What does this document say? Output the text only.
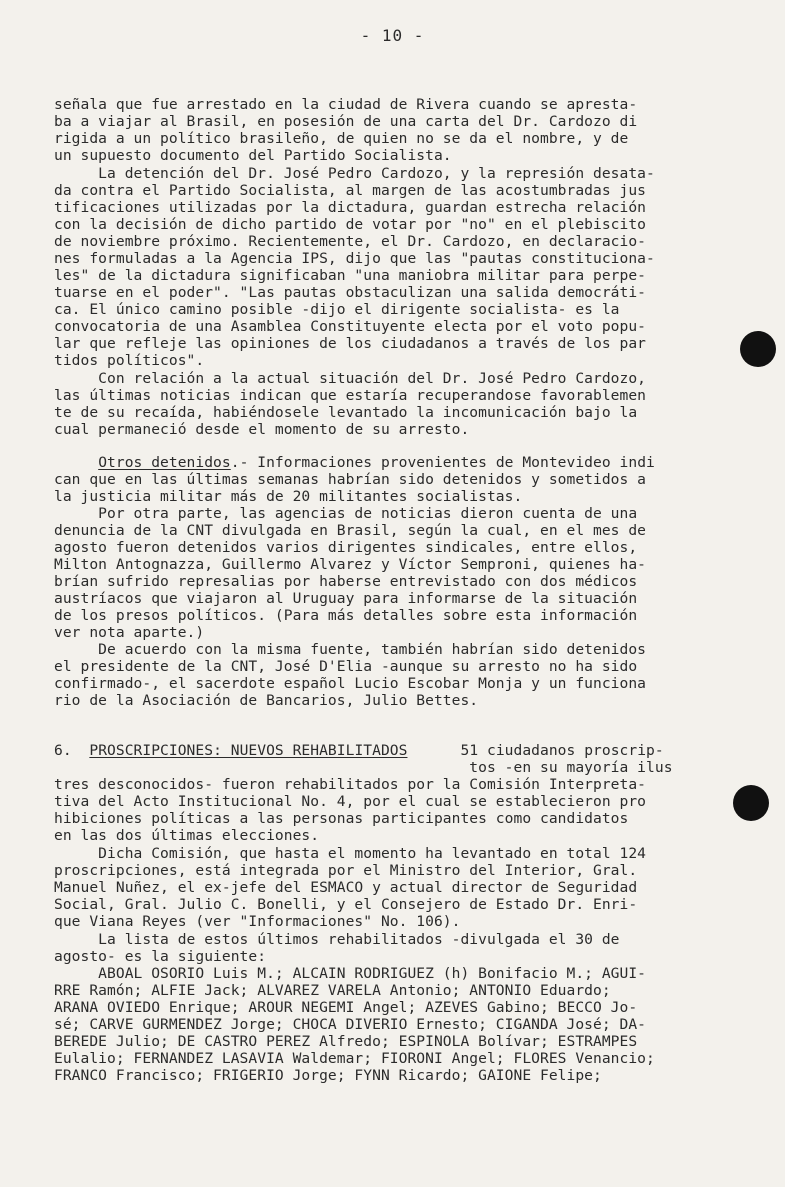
- 10 -
señala que fue arrestado en la ciudad de Rivera cuando se apresta-
ba a viajar al Brasil, en posesión de una carta del Dr. Cardozo di
rigida a un político brasileño, de quien no se da el nombre, y de
un supuesto documento del Partido Socialista.
La detención del Dr. José Pedro Cardozo, y la represión desata-
da contra el Partido Socialista, al margen de las acostumbradas jus
tificaciones utilizadas por la dictadura, guardan estrecha relación
con la decisión de dicho partido de votar por "no" en el plebiscito
de noviembre próximo. Recientemente, el Dr. Cardozo, en declaracio-
nes formuladas a la Agencia IPS, dijo que las "pautas constituciona-
les" de la dictadura significaban "una maniobra militar para perpe-
tuarse en el poder". "Las pautas obstaculizan una salida democráti-
ca. El único camino posible -dijo el dirigente socialista- es la
convocatoria de una Asamblea Constituyente electa por el voto popu-
lar que refleje las opiniones de los ciudadanos a través de los par
tidos políticos".
Con relación a la actual situación del Dr. José Pedro Cardozo,
las últimas noticias indican que estaría recuperandose favorablemen
te de su recaída, habiéndosele levantado la incomunicación bajo la
cual permaneció desde el momento de su arresto.
Otros detenidos.- Informaciones provenientes de Montevideo indi
can que en las últimas semanas habrían sido detenidos y sometidos a
la justicia militar más de 20 militantes socialistas.
Por otra parte, las agencias de noticias dieron cuenta de una
denuncia de la CNT divulgada en Brasil, según la cual, en el mes de
agosto fueron detenidos varios dirigentes sindicales, entre ellos,
Milton Antognazza, Guillermo Alvarez y Víctor Semproni, quienes ha-
brían sufrido represalias por haberse entrevistado con dos médicos
austríacos que viajaron al Uruguay para informarse de la situación
de los presos políticos. (Para más detalles sobre esta información
ver nota aparte.)
De acuerdo con la misma fuente, también habrían sido detenidos
el presidente de la CNT, José D'Elia -aunque su arresto no ha sido
confirmado-, el sacerdote español Lucio Escobar Monja y un funciona
rio de la Asociación de Bancarios, Julio Bettes.
6.  PROSCRIPCIONES: NUEVOS REHABILITADOS      51 ciudadanos proscrip-
tos -en su mayoría ilus
tres desconocidos- fueron rehabilitados por la Comisión Interpreta-
tiva del Acto Institucional No. 4, por el cual se establecieron pro
hibiciones políticas a las personas participantes como candidatos
en las dos últimas elecciones.
Dicha Comisión, que hasta el momento ha levantado en total 124
proscripciones, está integrada por el Ministro del Interior, Gral.
Manuel Nuñez, el ex-jefe del ESMACO y actual director de Seguridad
Social, Gral. Julio C. Bonelli, y el Consejero de Estado Dr. Enri-
que Viana Reyes (ver "Informaciones" No. 106).
La lista de estos últimos rehabilitados -divulgada el 30 de
agosto- es la siguiente:
ABOAL OSORIO Luis M.; ALCAIN RODRIGUEZ (h) Bonifacio M.; AGUI-
RRE Ramón; ALFIE Jack; ALVAREZ VARELA Antonio; ANTONIO Eduardo;
ARANA OVIEDO Enrique; AROUR NEGEMI Angel; AZEVES Gabino; BECCO Jo-
sé; CARVE GURMENDEZ Jorge; CHOCA DIVERIO Ernesto; CIGANDA José; DA-
BEREDE Julio; DE CASTRO PEREZ Alfredo; ESPINOLA Bolívar; ESTRAMPES
Eulalio; FERNANDEZ LASAVIA Waldemar; FIORONI Angel; FLORES Venancio;
FRANCO Francisco; FRIGERIO Jorge; FYNN Ricardo; GAIONE Felipe;
